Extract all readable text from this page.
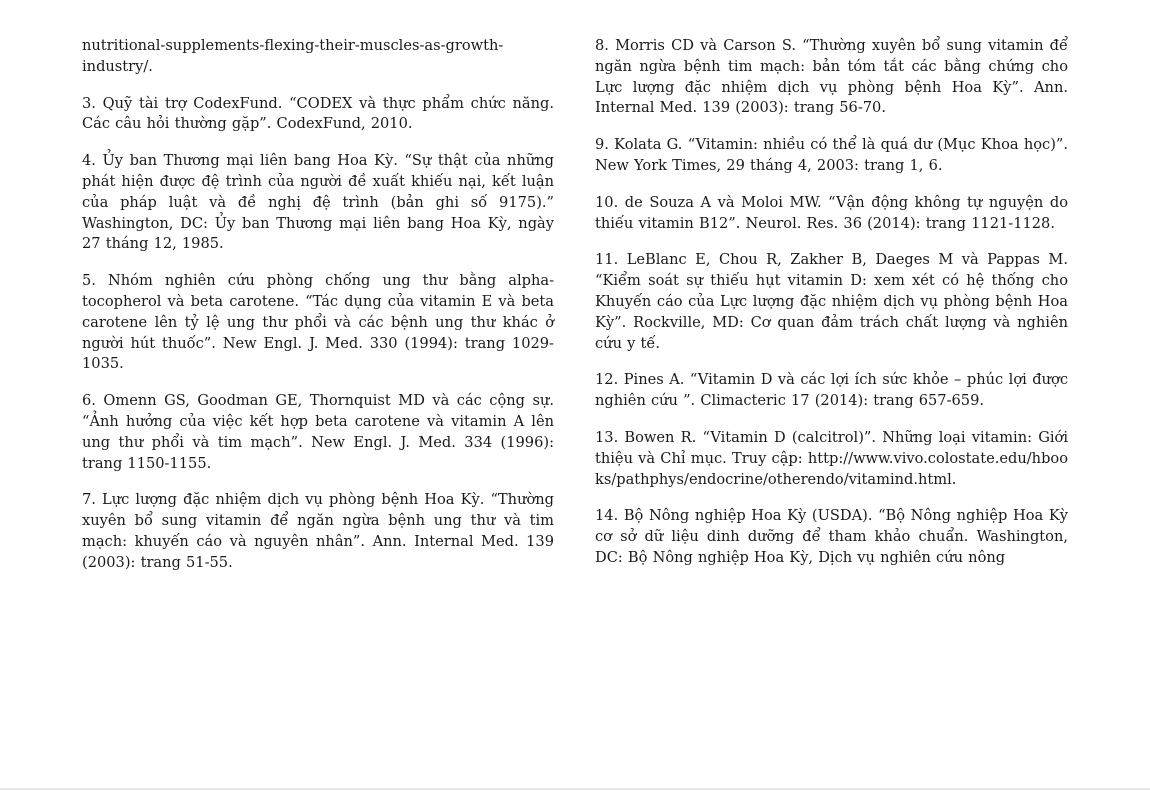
nutritional-supplements-flexing-their-muscles-as-growth-industry/.

3. Quỹ tài trợ CodexFund. “CODEX và thực phẩm chức năng. Các câu hỏi thường gặp”. CodexFund, 2010.

4. Ủy ban Thương mại liên bang Hoa Kỳ. “Sự thật của những phát hiện được đệ trình của người đề xuất khiếu nại, kết luận của pháp luật và đề nghị đệ trình (bản ghi số 9175).” Washington, DC: Ủy ban Thương mại liên bang Hoa Kỳ, ngày 27 tháng 12, 1985.

5. Nhóm nghiên cứu phòng chống ung thư bằng alpha-tocopherol và beta carotene. “Tác dụng của vitamin E và beta carotene lên tỷ lệ ung thư phổi và các bệnh ung thư khác ở người hút thuốc”. New Engl. J. Med. 330 (1994): trang 1029-1035.

6. Omenn GS, Goodman GE, Thornquist MD và các cộng sự. “Ảnh hưởng của việc kết hợp beta carotene và vitamin A lên ung thư phổi và tim mạch”. New Engl. J. Med. 334 (1996): trang 1150-1155.

7. Lực lượng đặc nhiệm dịch vụ phòng bệnh Hoa Kỳ. “Thường xuyên bổ sung vitamin để ngăn ngừa bệnh ung thư và tim mạch: khuyến cáo và nguyên nhân”. Ann. Internal Med. 139 (2003): trang 51-55.

8. Morris CD và Carson S. “Thường xuyên bổ sung vitamin để ngăn ngừa bệnh tim mạch: bản tóm tắt các bằng chứng cho Lực lượng đặc nhiệm dịch vụ phòng bệnh Hoa Kỳ”. Ann. Internal Med. 139 (2003): trang 56-70.

9. Kolata G. “Vitamin: nhiều có thể là quá dư (Mục Khoa học)”. New York Times, 29 tháng 4, 2003: trang 1, 6.

10. de Souza A và Moloi MW. “Vận động không tự nguyện do thiếu vitamin B12”. Neurol. Res. 36 (2014): trang 1121-1128.

11. LeBlanc E, Chou R, Zakher B, Daeges M và Pappas M. “Kiểm soát sự thiếu hụt vitamin D: xem xét có hệ thống cho Khuyến cáo của Lực lượng đặc nhiệm dịch vụ phòng bệnh Hoa Kỳ”. Rockville, MD: Cơ quan đảm trách chất lượng và nghiên cứu y tế.

12. Pines A. “Vitamin D và các lợi ích sức khỏe – phúc lợi được nghiên cứu ”. Climacteric 17 (2014): trang 657-659.

13. Bowen R. “Vitamin D (calcitrol)”. Những loại vitamin: Giới thiệu và Chỉ mục. Truy cập: http://www.vivo.colostate.edu/hbooks/pathphys/endocrine/otherendo/vitamind.html.

14. Bộ Nông nghiệp Hoa Kỳ (USDA). “Bộ Nông nghiệp Hoa Kỳ cơ sở dữ liệu dinh dưỡng để tham khảo chuẩn. Washington, DC: Bộ Nông nghiệp Hoa Kỳ, Dịch vụ nghiên cứu nông
